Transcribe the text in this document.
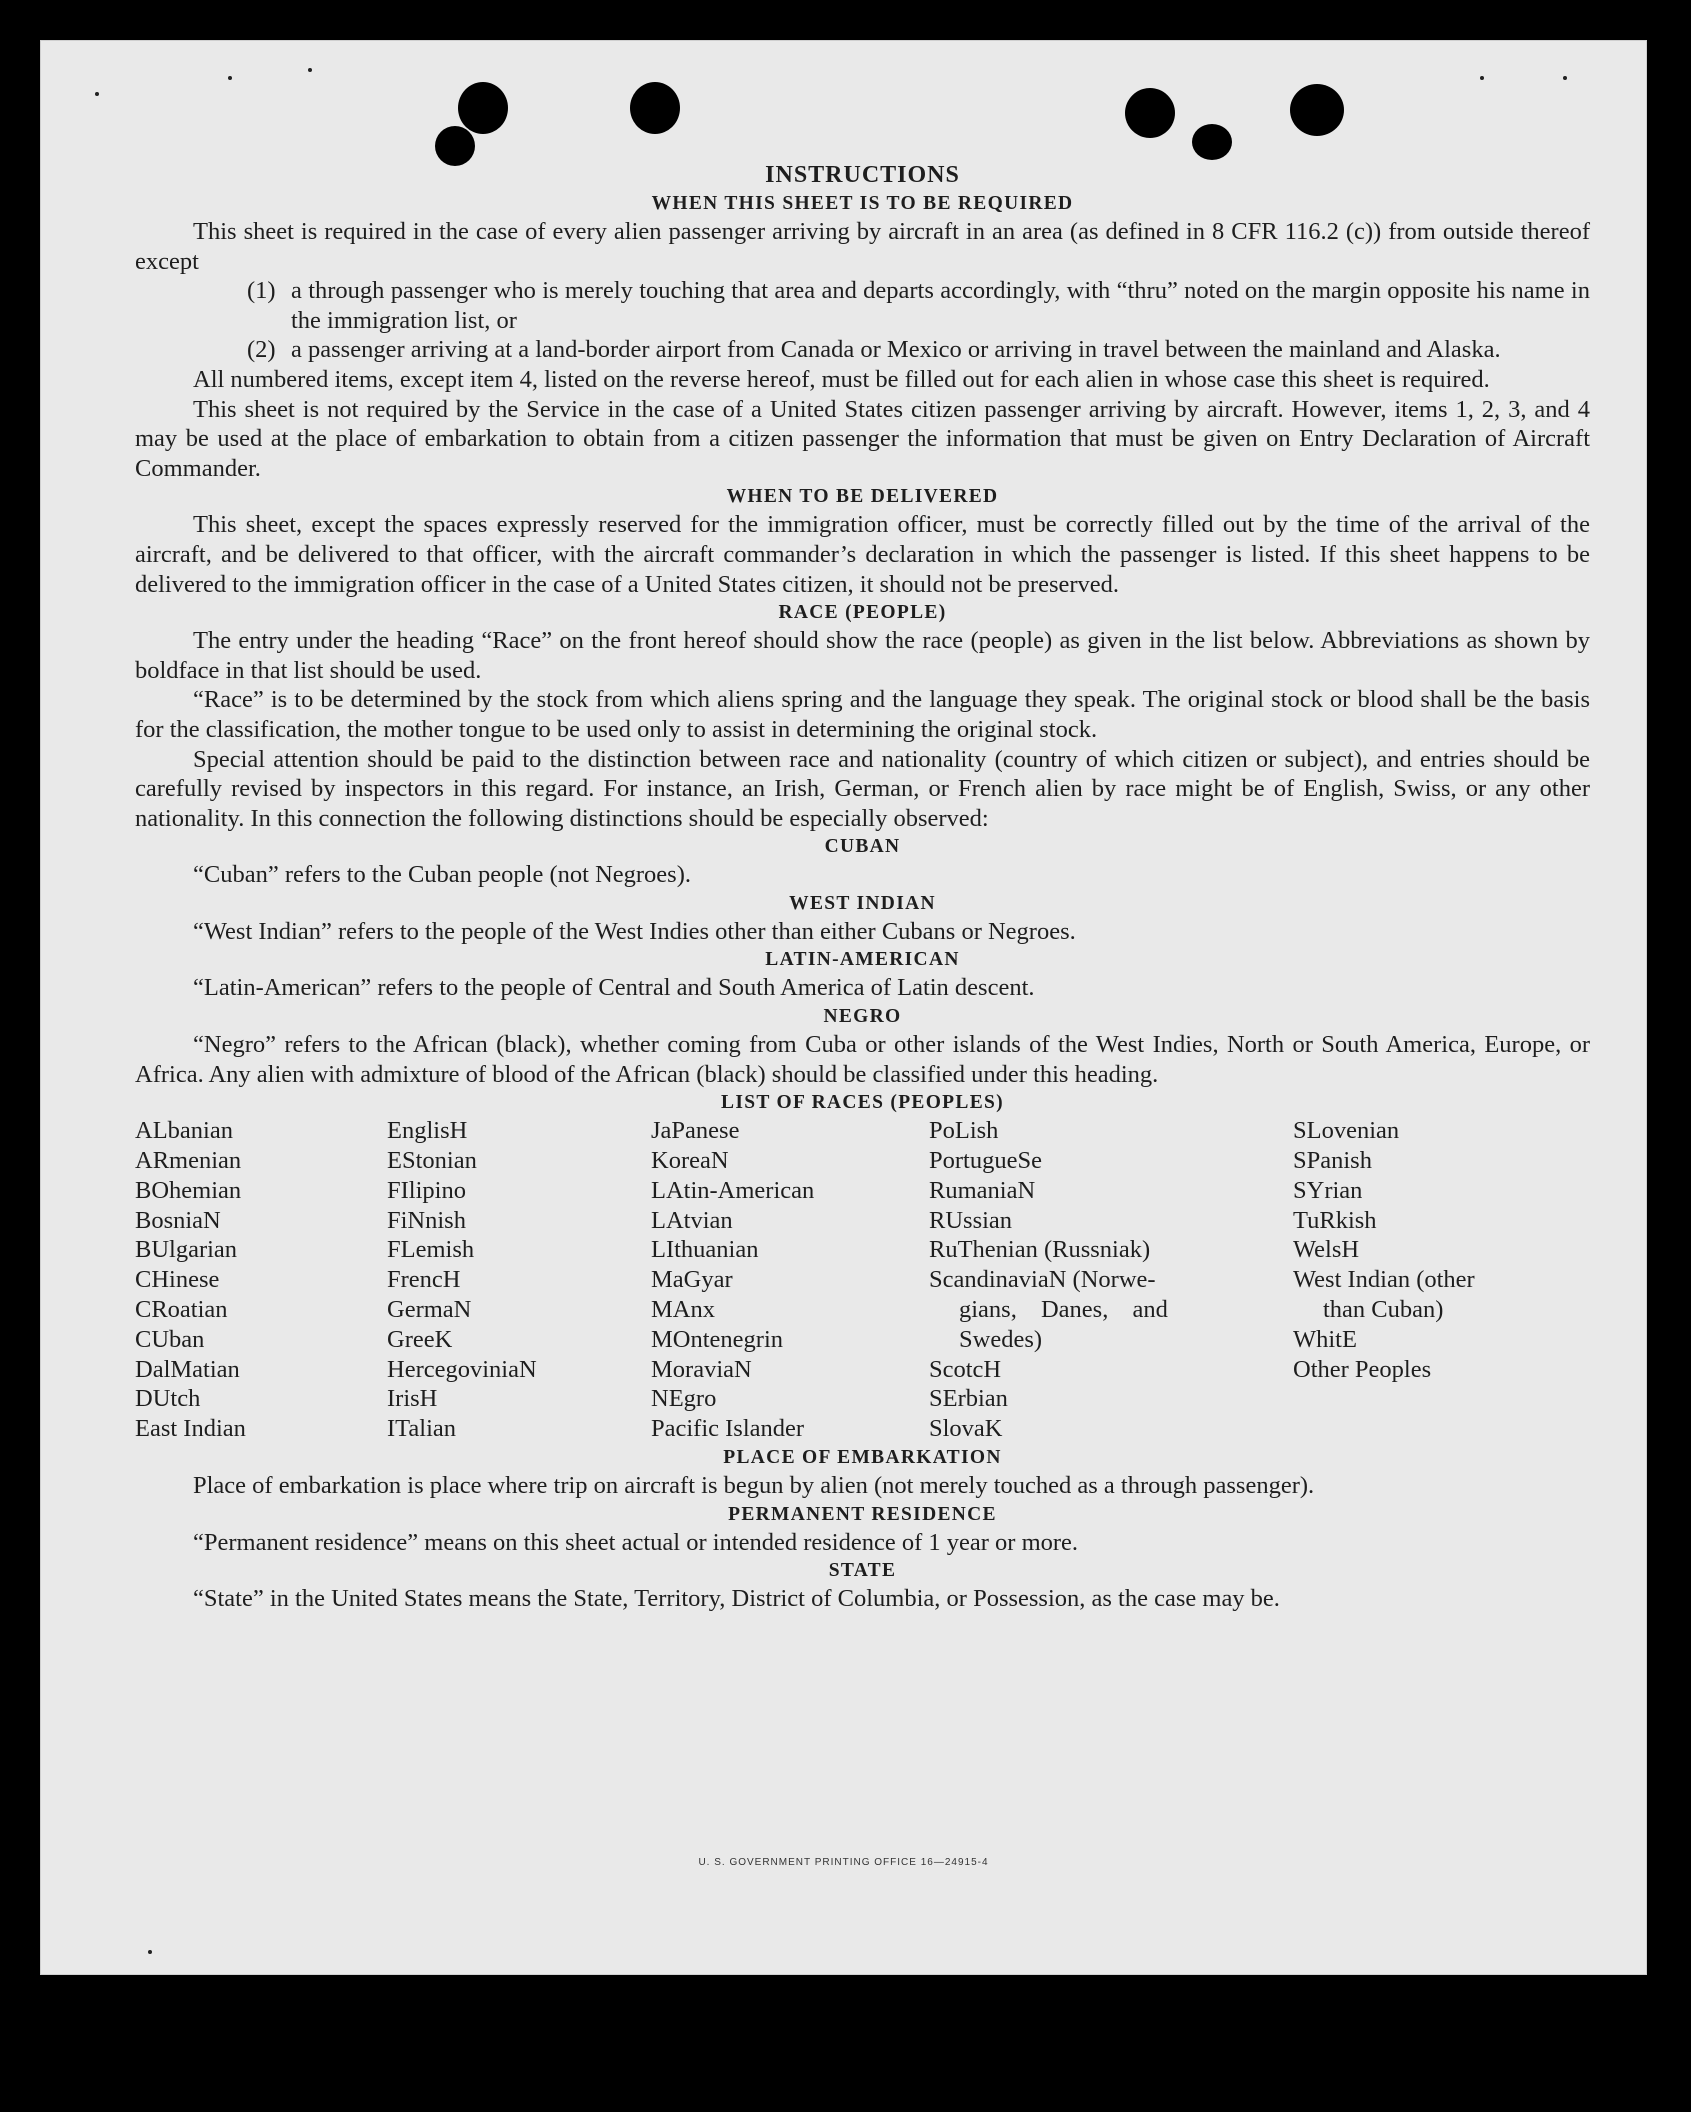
INSTRUCTIONS
WHEN THIS SHEET IS TO BE REQUIRED

This sheet is required in the case of every alien passenger arriving by aircraft in an area (as defined in 8 CFR 116.2 (c)) from outside thereof except

(1) a through passenger who is merely touching that area and departs accordingly, with “thru” noted on the margin opposite his name in the immigration list, or

(2) a passenger arriving at a land-border airport from Canada or Mexico or arriving in travel between the mainland and Alaska.

All numbered items, except item 4, listed on the reverse hereof, must be filled out for each alien in whose case this sheet is required.

This sheet is not required by the Service in the case of a United States citizen passenger arriving by aircraft. However, items 1, 2, 3, and 4 may be used at the place of embarkation to obtain from a citizen passenger the information that must be given on Entry Declaration of Aircraft Commander.

WHEN TO BE DELIVERED

This sheet, except the spaces expressly reserved for the immigration officer, must be correctly filled out by the time of the arrival of the aircraft, and be delivered to that officer, with the aircraft commander’s declaration in which the passenger is listed. If this sheet happens to be delivered to the immigration officer in the case of a United States citizen, it should not be preserved.

RACE (PEOPLE)

The entry under the heading “Race” on the front hereof should show the race (people) as given in the list below. Abbreviations as shown by boldface in that list should be used.

“Race” is to be determined by the stock from which aliens spring and the language they speak. The original stock or blood shall be the basis for the classification, the mother tongue to be used only to assist in determining the original stock.

Special attention should be paid to the distinction between race and nationality (country of which citizen or subject), and entries should be carefully revised by inspectors in this regard. For instance, an Irish, German, or French alien by race might be of English, Swiss, or any other nationality. In this connection the following distinctions should be especially observed:

CUBAN

“Cuban” refers to the Cuban people (not Negroes).

WEST INDIAN

“West Indian” refers to the people of the West Indies other than either Cubans or Negroes.

LATIN-AMERICAN

“Latin-American” refers to the people of Central and South America of Latin descent.

NEGRO

“Negro” refers to the African (black), whether coming from Cuba or other islands of the West Indies, North or South America, Europe, or Africa. Any alien with admixture of blood of the African (black) should be classified under this heading.

LIST OF RACES (PEOPLES)
ALbanian
ARmenian
BOhemian
BosniaN
BUlgarian
CHinese
CRoatian
CUban
DalMatian
DUtch
East Indian
EnglisH
EStonian
FIlipino
FiNnish
FLemish
FrencH
GermaN
GreeK
HercegoviniaN
IrisH
ITalian
JaPanese
KoreaN
LAtin-American
LAtvian
LIthuanian
MaGyar
MAnx
MOntenegrin
MoraviaN
NEgro
Pacific Islander
PoLish
PortugueSe
RumaniaN
RUssian
RuThenian (Russniak)
ScandinaviaN (Norwe-
gians, Danes, and
Swedes)
ScotcH
SErbian
SlovaK
SLovenian
SPanish
SYrian
TuRkish
WelsH
West Indian (other
than Cuban)
WhitE
Other Peoples
PLACE OF EMBARKATION

Place of embarkation is place where trip on aircraft is begun by alien (not merely touched as a through passenger).

PERMANENT RESIDENCE

“Permanent residence” means on this sheet actual or intended residence of 1 year or more.

STATE

“State” in the United States means the State, Territory, District of Columbia, or Possession, as the case may be.

U. S. GOVERNMENT PRINTING OFFICE 16—24915-4
